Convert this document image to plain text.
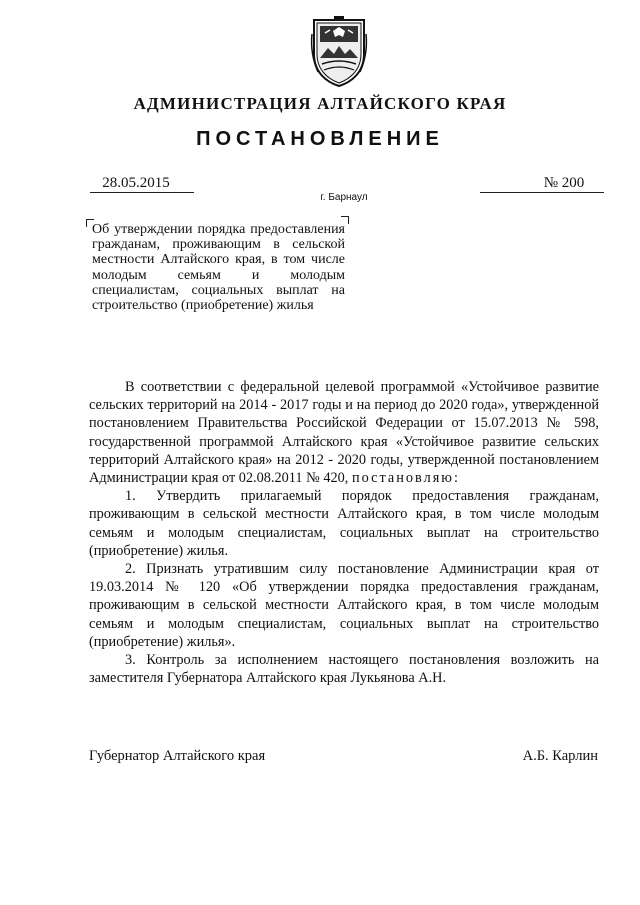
АДМИНИСТРАЦИЯ АЛТАЙСКОГО КРАЯ
ПОСТАНОВЛЕНИЕ
28.05.2015
г. Барнаул
№ 200
Об утверждении порядка предоставления гражданам, проживающим в сельской местности Алтайского края, в том числе молодым семьям и молодым специалистам, социальных выплат на строительство (приобретение) жилья

В соответствии с федеральной целевой программой «Устойчивое развитие сельских территорий на 2014 - 2017 годы и на период до 2020 года», утвержденной постановлением Правительства Российской Федерации от 15.07.2013 № 598, государственной программой Алтайского края «Устойчивое развитие сельских территорий Алтайского края» на 2012 - 2020 годы, утвержденной постановлением Администрации края от 02.08.2011 № 420, постановляю:

1. Утвердить прилагаемый порядок предоставления гражданам, проживающим в сельской местности Алтайского края, в том числе молодым семьям и молодым специалистам, социальных выплат на строительство (приобретение) жилья.

2. Признать утратившим силу постановление Администрации края от 19.03.2014 № 120 «Об утверждении порядка предоставления гражданам, проживающим в сельской местности Алтайского края, в том числе молодым семьям и молодым специалистам, социальных выплат на строительство (приобретение) жилья».

3. Контроль за исполнением настоящего постановления возложить на заместителя Губернатора Алтайского края Лукьянова А.Н.

Губернатор Алтайского края	А.Б. Карлин
